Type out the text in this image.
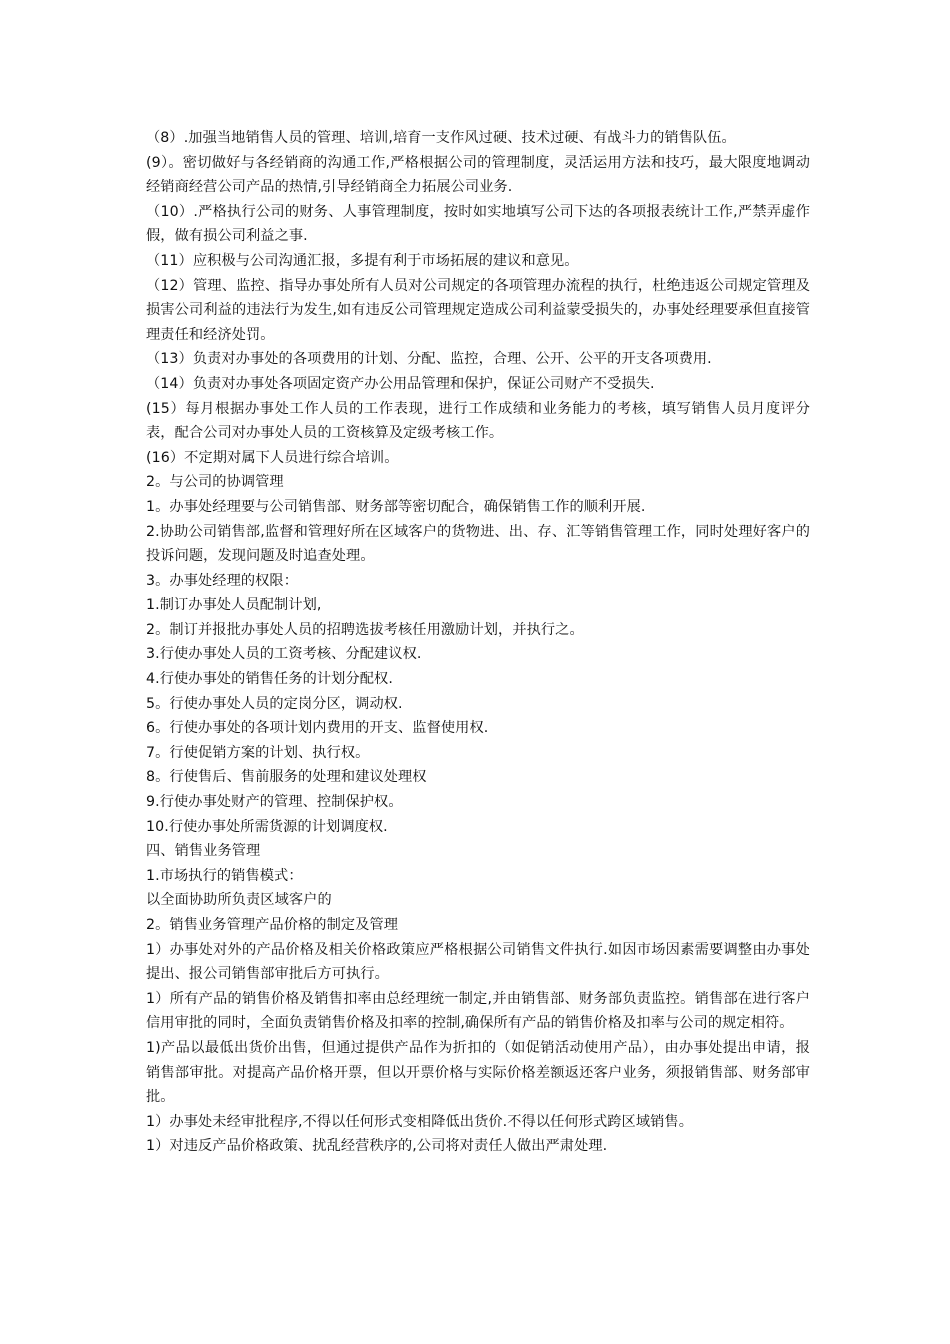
（8）.加强当地销售人员的管理、培训,培育一支作风过硬、技术过硬、有战斗力的销售队伍。

(9）。密切做好与各经销商的沟通工作,严格根据公司的管理制度，灵活运用方法和技巧，最大限度地调动经销商经营公司产品的热情,引导经销商全力拓展公司业务.

（10）.严格执行公司的财务、人事管理制度，按时如实地填写公司下达的各项报表统计工作,严禁弄虚作假，做有损公司利益之事.

（11）应积极与公司沟通汇报，多提有利于市场拓展的建议和意见。

（12）管理、监控、指导办事处所有人员对公司规定的各项管理办流程的执行，杜绝违返公司规定管理及损害公司利益的违法行为发生,如有违反公司管理规定造成公司利益蒙受损失的，办事处经理要承但直接管理责任和经济处罚。

（13）负责对办事处的各项费用的计划、分配、监控，合理、公开、公平的开支各项费用.

（14）负责对办事处各项固定资产办公用品管理和保护，保证公司财产不受损失.

(15）每月根据办事处工作人员的工作表现，进行工作成绩和业务能力的考核，填写销售人员月度评分表，配合公司对办事处人员的工资核算及定级考核工作。

(16）不定期对属下人员进行综合培训。

2。与公司的协调管理

1。办事处经理要与公司销售部、财务部等密切配合，确保销售工作的顺利开展.

2.协助公司销售部,监督和管理好所在区域客户的货物进、出、存、汇等销售管理工作，同时处理好客户的投诉问题，发现问题及时追查处理。

3。办事处经理的权限：

1.制订办事处人员配制计划,

2。制订并报批办事处人员的招聘选拔考核任用激励计划，并执行之。

3.行使办事处人员的工资考核、分配建议权.

4.行使办事处的销售任务的计划分配权.

5。行使办事处人员的定岗分区，调动权.

6。行使办事处的各项计划内费用的开支、监督使用权.

7。行使促销方案的计划、执行权。

8。行使售后、售前服务的处理和建议处理权

9.行使办事处财产的管理、控制保护权。

10.行使办事处所需货源的计划调度权.

四、销售业务管理

1.市场执行的销售模式：

以全面协助所负责区域客户的

2。销售业务管理产品价格的制定及管理

1）办事处对外的产品价格及相关价格政策应严格根据公司销售文件执行.如因市场因素需要调整由办事处提出、报公司销售部审批后方可执行。

1）所有产品的销售价格及销售扣率由总经理统一制定,并由销售部、财务部负责监控。销售部在进行客户信用审批的同时，全面负责销售价格及扣率的控制,确保所有产品的销售价格及扣率与公司的规定相符。

1)产品以最低出货价出售，但通过提供产品作为折扣的（如促销活动使用产品），由办事处提出申请，报销售部审批。对提高产品价格开票，但以开票价格与实际价格差额返还客户业务，须报销售部、财务部审批。

1）办事处未经审批程序,不得以任何形式变相降低出货价.不得以任何形式跨区域销售。

1）对违反产品价格政策、扰乱经营秩序的,公司将对责任人做出严肃处理.
